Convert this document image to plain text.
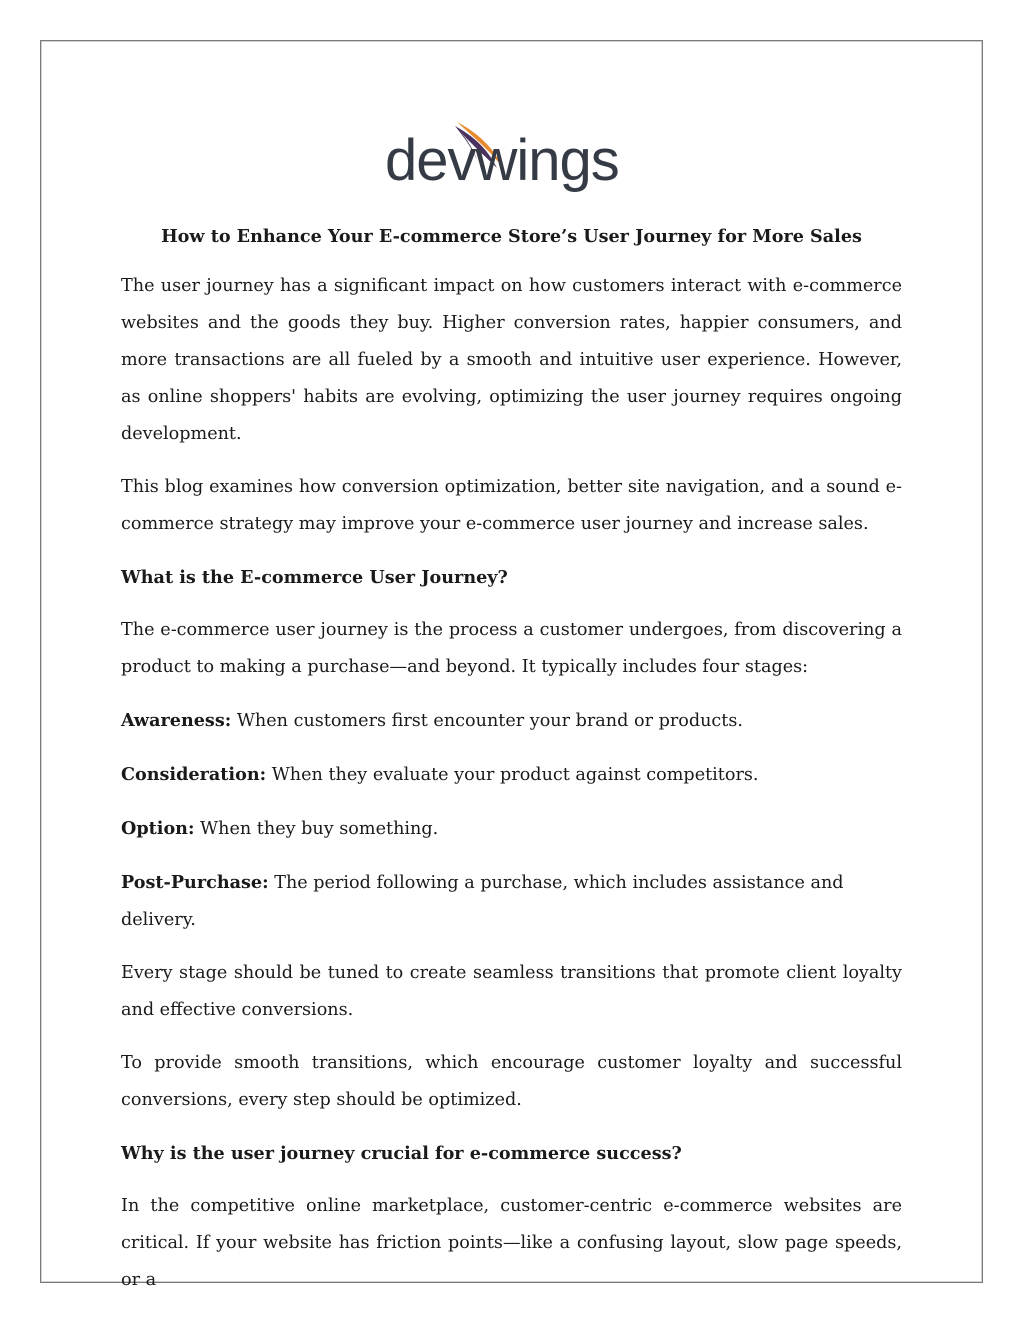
devwings
How to Enhance Your E-commerce Store’s User Journey for More Sales

The user journey has a significant impact on how customers interact with e-commerce websites and the goods they buy. Higher conversion rates, happier consumers, and more transactions are all fueled by a smooth and intuitive user experience. However, as online shoppers' habits are evolving, optimizing the user journey requires ongoing development.

This blog examines how conversion optimization, better site navigation, and a sound e-commerce strategy may improve your e-commerce user journey and increase sales.

What is the E-commerce User Journey?

The e-commerce user journey is the process a customer undergoes, from discovering a product to making a purchase—and beyond. It typically includes four stages:

Awareness: When customers first encounter your brand or products.

Consideration: When they evaluate your product against competitors.

Option: When they buy something.

Post-Purchase: The period following a purchase, which includes assistance and delivery.

Every stage should be tuned to create seamless transitions that promote client loyalty and effective conversions.

To provide smooth transitions, which encourage customer loyalty and successful conversions, every step should be optimized.

Why is the user journey crucial for e-commerce success?

In the competitive online marketplace, customer-centric e-commerce websites are critical. If your website has friction points—like a confusing layout, slow page speeds, or a
